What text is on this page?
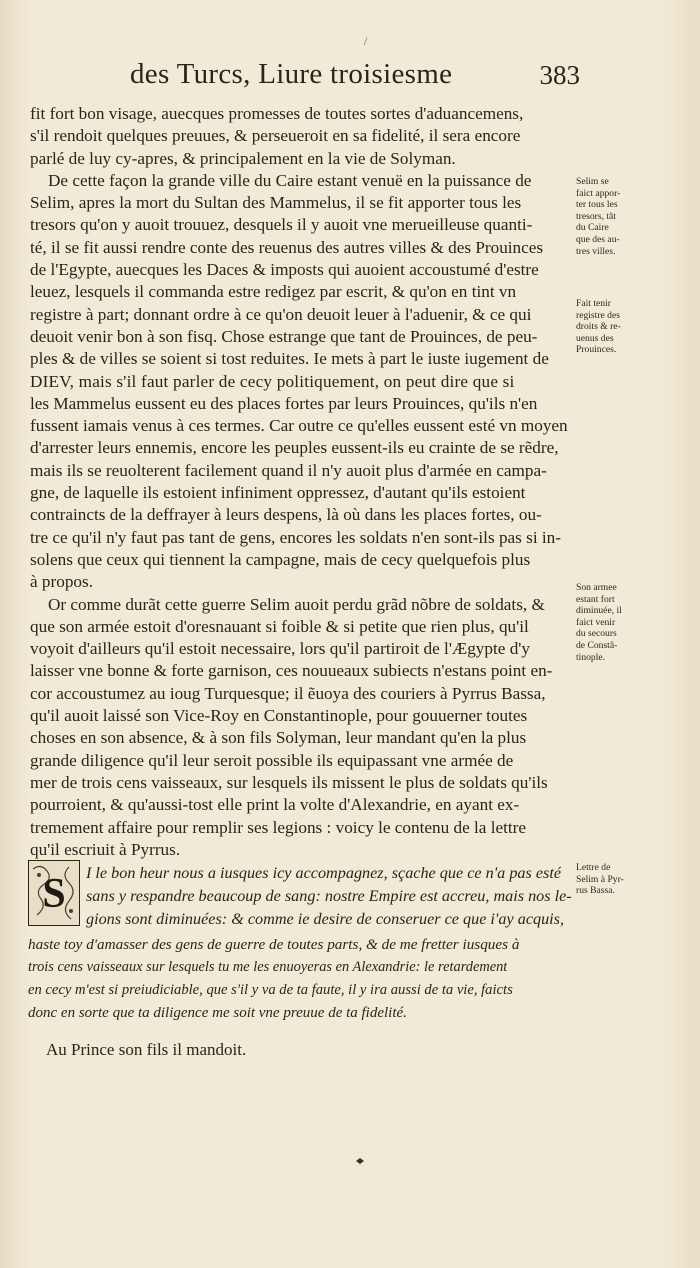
/
des Turcs, Liure troisiesme	383
fit fort bon visage, auecques promesses de toutes sortes d'aduancemens,
s'il rendoit quelques preuues, & perseueroit en sa fidelité, il sera encore
parlé de luy cy-apres, & principalement en la vie de Solyman.
De cette façon la grande ville du Caire estant venuë en la puissance de
Selim, apres la mort du Sultan des Mammelus, il se fit apporter tous les
tresors qu'on y auoit trouuez, desquels il y auoit vne merueilleuse quanti-
té, il se fit aussi rendre conte des reuenus des autres villes & des Prouinces
de l'Egypte, auecques les Daces & imposts qui auoient accoustumé d'estre
leuez, lesquels il commanda estre redigez par escrit, & qu'on en tint vn
registre à part; donnant ordre à ce qu'on deuoit leuer à l'aduenir, & ce qui
deuoit venir bon à son fisq. Chose estrange que tant de Prouinces, de peu-
ples & de villes se soient si tost reduites. Ie mets à part le iuste iugement de
DIEV, mais s'il faut parler de cecy politiquement, on peut dire que si
les Mammelus eussent eu des places fortes par leurs Prouinces, qu'ils n'en
fussent iamais venus à ces termes. Car outre ce qu'elles eussent esté vn moyen
d'arrester leurs ennemis, encore les peuples eussent-ils eu crainte de se rẽdre,
mais ils se reuolterent facilement quand il n'y auoit plus d'armée en campa-
gne, de laquelle ils estoient infiniment oppressez, d'autant qu'ils estoient
contraincts de la deffrayer à leurs despens, là où dans les places fortes, ou-
tre ce qu'il n'y faut pas tant de gens, encores les soldats n'en sont-ils pas si in-
solens que ceux qui tiennent la campagne, mais de cecy quelquefois plus
à propos.
Or comme durãt cette guerre Selim auoit perdu grãd nõbre de soldats, &
que son armée estoit d'oresnauant si foible & si petite que rien plus, qu'il
voyoit d'ailleurs qu'il estoit necessaire, lors qu'il partiroit de l'Ægypte d'y
laisser vne bonne & forte garnison, ces nouueaux subiects n'estans point en-
cor accoustumez au ioug Turquesque; il ẽuoya des couriers à Pyrrus Bassa,
qu'il auoit laissé son Vice-Roy en Constantinople, pour gouuerner toutes
choses en son absence, & à son fils Solyman, leur mandant qu'en la plus
grande diligence qu'il leur seroit possible ils equipassant vne armée de
mer de trois cens vaisseaux, sur lesquels ils missent le plus de soldats qu'ils
pourroient, & qu'aussi-tost elle print la volte d'Alexandrie, en ayant ex-
tremement affaire pour remplir ses legions : voicy le contenu de la lettre
qu'il escriuit à Pyrrus.
Selim se
faict appor-
ter tous les
tresors, tãt
du Caire
que des au-
tres villes.
Fait tenir
registre des
droits & re-
uenus des
Prouinces.
Son armee
estant fort
diminuée, il
faict venir
du secours
de Constã-
tinople.
Lettre de
Selim à Pyr-
rus Bassa.
S I le bon heur nous a iusques icy accompagnez, sçache que ce n'a pas esté
sans y respandre beaucoup de sang: nostre Empire est accreu, mais nos le-
gions sont diminuées: & comme ie desire de conseruer ce que i'ay acquis,
haste toy d'amasser des gens de guerre de toutes parts, & de me fretter iusques à
trois cens vaisseaux sur lesquels tu me les enuoyeras en Alexandrie: le retardement
en cecy m'est si preiudiciable, que s'il y va de ta faute, il y ira aussi de ta vie, faicts
donc en sorte que ta diligence me soit vne preuue de ta fidelité.
Au Prince son fils il mandoit.
